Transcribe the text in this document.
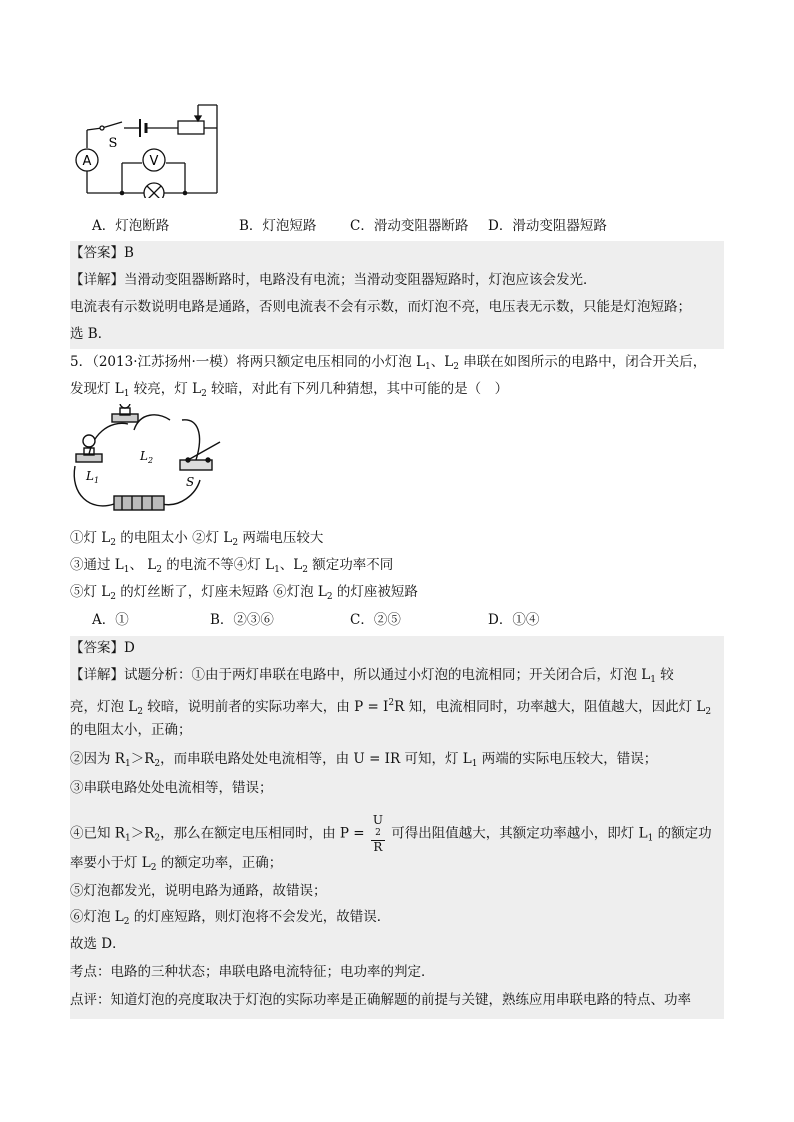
A	V
S
A．灯泡断路	B．灯泡短路 C．滑动变阻器断路 D．滑动变阻器短路
【答案】B
【详解】当滑动变阻器断路时，电路没有电流；当滑动变阻器短路时，灯泡应该会发光．
电流表有示数说明电路是通路，否则电流表不会有示数，而灯泡不亮，电压表无示数，只能是灯泡短路；
选 B．
5．（2013·江苏扬州·一模）将两只额定电压相同的小灯泡 $L_1$、$L_2$ 串联在如图所示的电路中，闭合开关后，
发现灯 $L_1$ 较亮，灯 $L_2$ 较暗，对此有下列几种猜想，其中可能的是（　）
$L_1$
$L_2$
S
①灯 $L_2$ 的电阻太小 ②灯 $L_2$ 两端电压较大
③通过 $L_1$、 $L_2$ 的电流不等④灯 $L_1$、$L_2$ 额定功率不同
⑤灯 $L_2$ 的灯丝断了，灯座未短路 ⑥灯泡 $L_2$ 的灯座被短路
A．①	B．②③⑥	C．②⑤	D．①④
【答案】D
【详解】试题分析：①由于两灯串联在电路中，所以通过小灯泡的电流相同；开关闭合后，灯泡 $L_1$ 较
亮，灯泡 $L_2$ 较暗，说明前者的实际功率大，由 $P = I^2R$ 知，电流相同时，功率越大，阻值越大，因此灯 $L_2$
的电阻太小，正确；
②因为 $R_1>R_2$，而串联电路处处电流相等，由 U = IR 可知，灯 $L_1$ 两端的实际电压较大，错误；
③串联电路处处电流相等，错误；
④已知 $R_1>R_2$，那么在额定电压相同时，由 P = U
2
R 可得出阻值越大，其额定功率越小，即灯 $L_1$ 的额定功
率要小于灯 $L_2$ 的额定功率，正确；
⑤灯泡都发光，说明电路为通路，故错误；
⑥灯泡 $L_2$ 的灯座短路，则灯泡将不会发光，故错误．
故选 D．
考点：电路的三种状态；串联电路电流特征；电功率的判定．
点评：知道灯泡的亮度取决于灯泡的实际功率是正确解题的前提与关键，熟练应用串联电路的特点、功率
